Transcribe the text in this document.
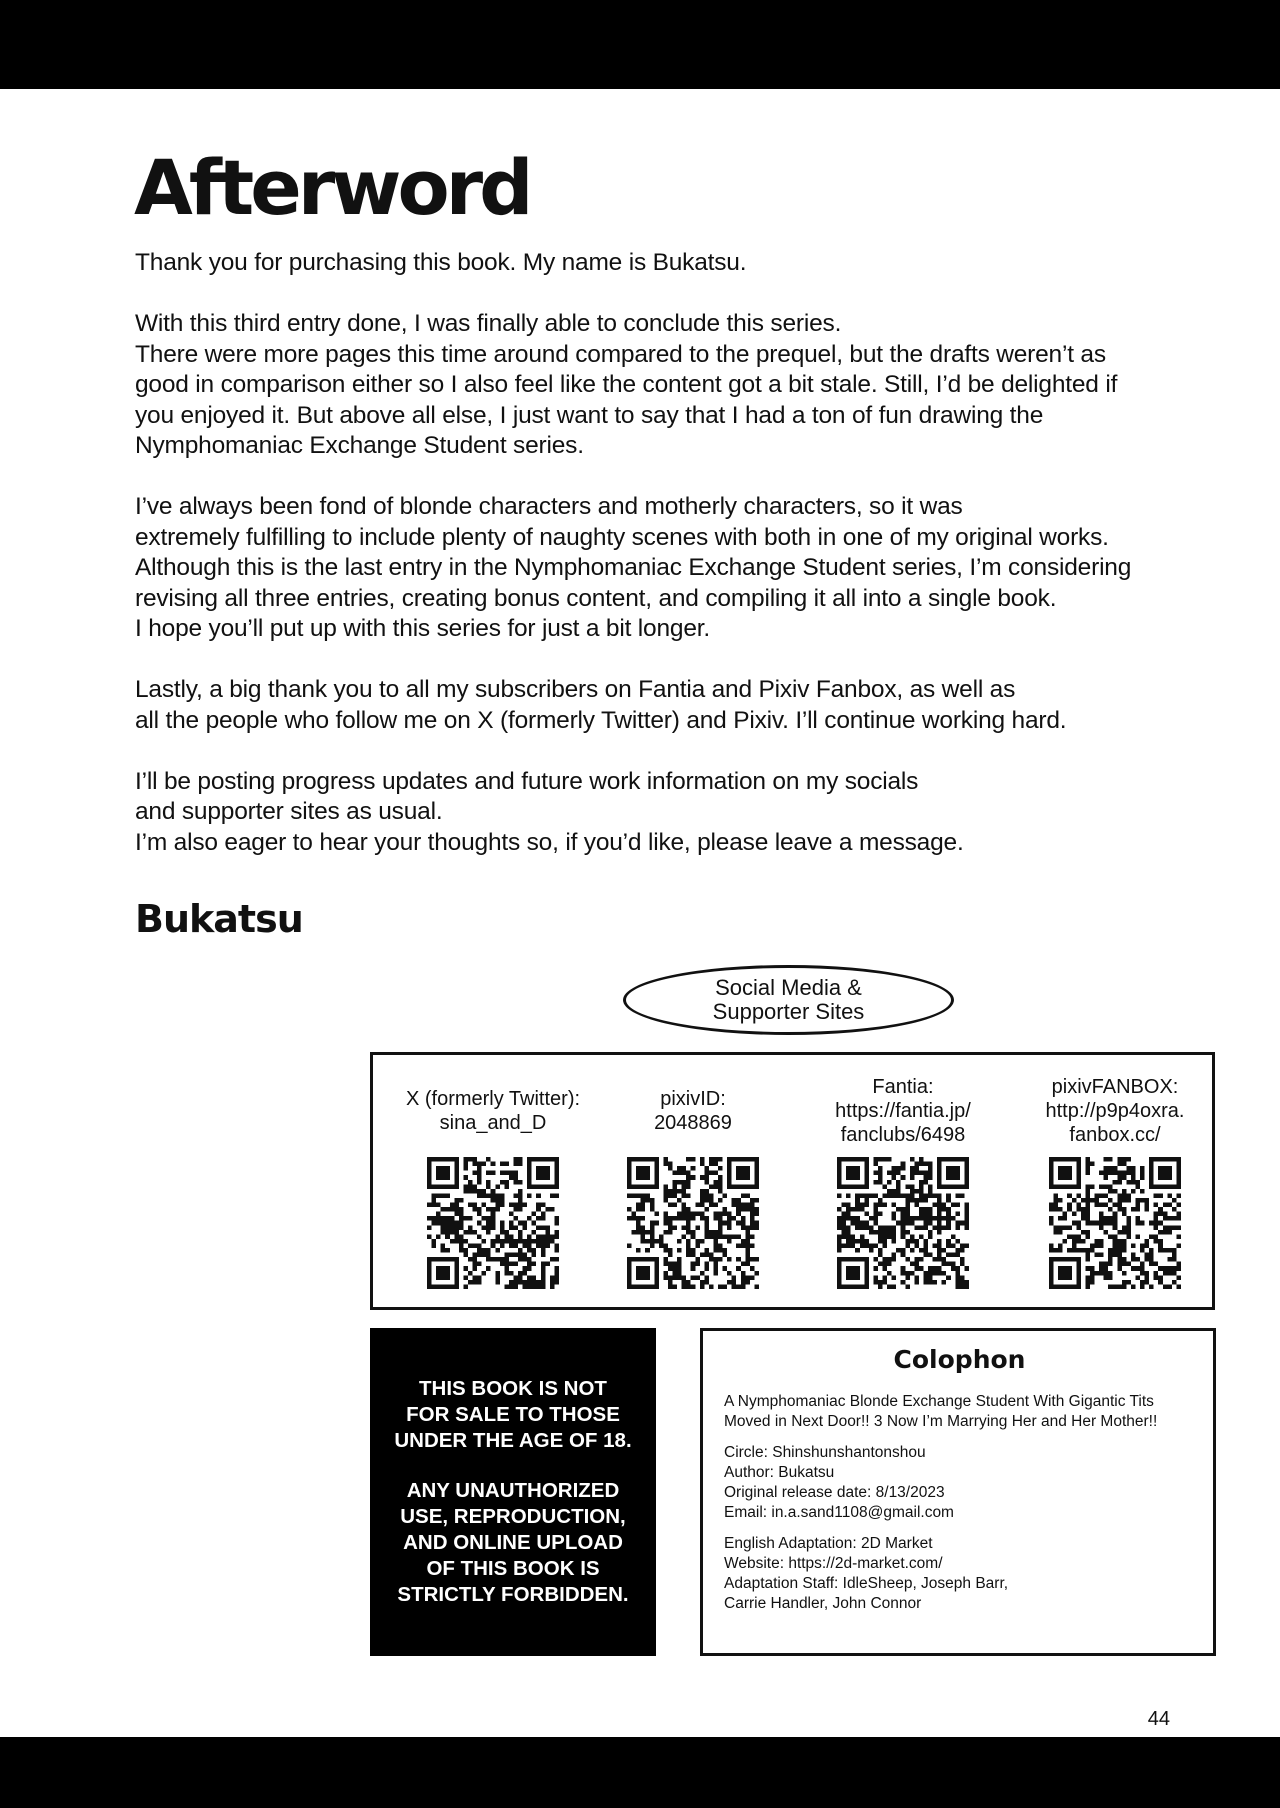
Afterword

Thank you for purchasing this book. My name is Bukatsu.

With this third entry done, I was finally able to conclude this series.
There were more pages this time around compared to the prequel, but the drafts weren’t as
good in comparison either so I also feel like the content got a bit stale. Still, I’d be delighted if
you enjoyed it. But above all else, I just want to say that I had a ton of fun drawing the
Nymphomaniac Exchange Student series.

I’ve always been fond of blonde characters and motherly characters, so it was
extremely fulfilling to include plenty of naughty scenes with both in one of my original works.
Although this is the last entry in the Nymphomaniac Exchange Student series, I’m considering
revising all three entries, creating bonus content, and compiling it all into a single book.
I hope you’ll put up with this series for just a bit longer.

Lastly, a big thank you to all my subscribers on Fantia and Pixiv Fanbox, as well as
all the people who follow me on X (formerly Twitter) and Pixiv. I’ll continue working hard.

I’ll be posting progress updates and future work information on my socials
and supporter sites as usual.
I’m also eager to hear your thoughts so, if you’d like, please leave a message.

Bukatsu
Social Media &
Supporter Sites
X (formerly Twitter):
sina_and_D
pixivID:
2048869
Fantia:
https://fantia.jp/
fanclubs/6498
pixivFANBOX:
http://p9p4oxra.
fanbox.cc/

THIS BOOK IS NOT
FOR SALE TO THOSE
UNDER THE AGE OF 18.

ANY UNAUTHORIZED
USE, REPRODUCTION,
AND ONLINE UPLOAD
OF THIS BOOK IS
STRICTLY FORBIDDEN.

Colophon

A Nymphomaniac Blonde Exchange Student With Gigantic Tits
Moved in Next Door!! 3 Now I’m Marrying Her and Her Mother!!

Circle: Shinshunshantonshou
Author: Bukatsu
Original release date: 8/13/2023
Email: in.a.sand1108@gmail.com

English Adaptation: 2D Market
Website: https://2d-market.com/
Adaptation Staff: IdleSheep, Joseph Barr,
Carrie Handler, John Connor

44
